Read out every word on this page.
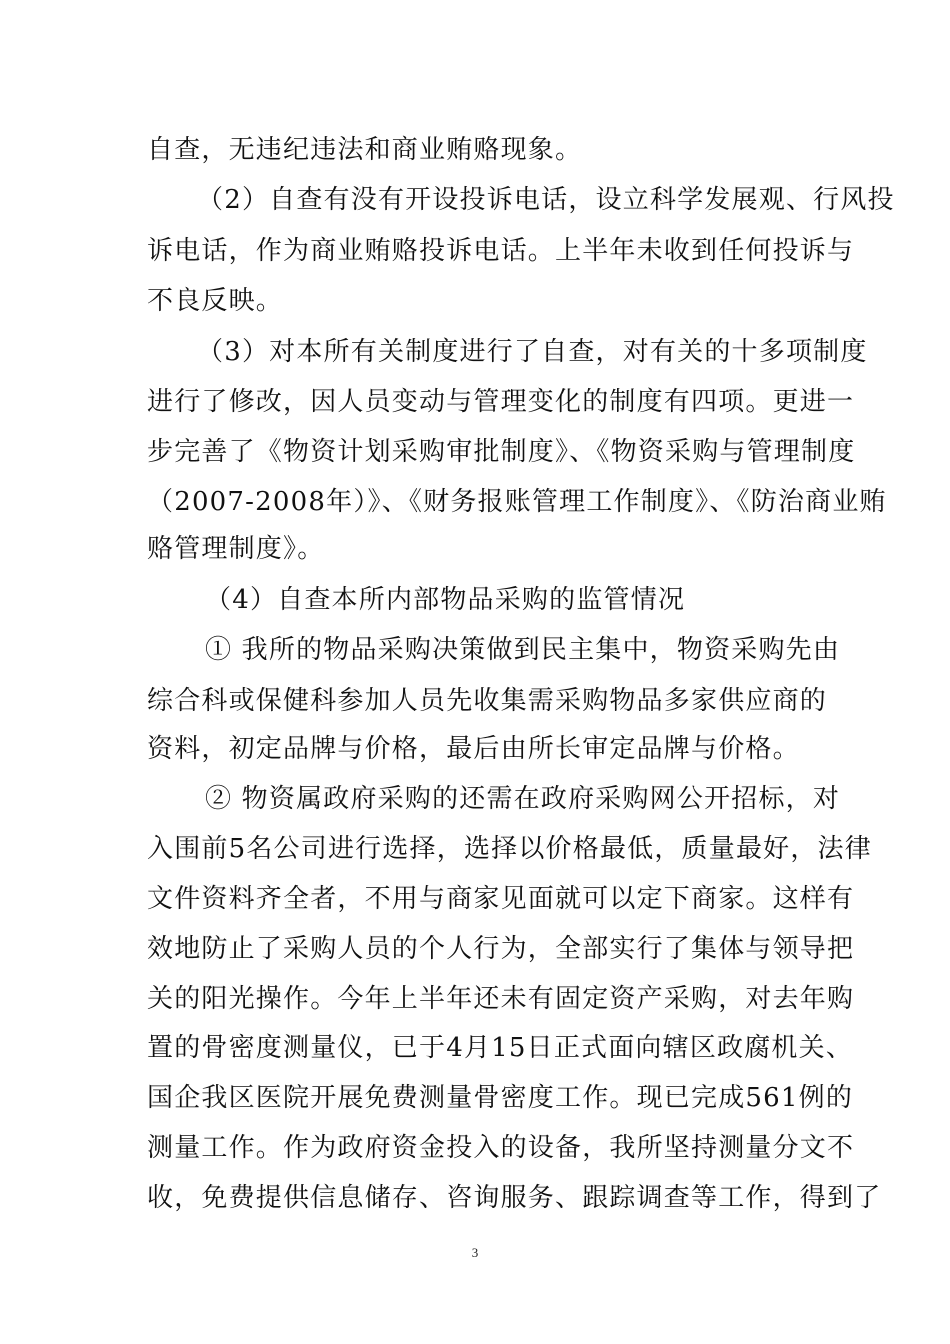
自查，无违纪违法和商业贿赂现象。
（2）自查有没有开设投诉电话，设立科学发展观、行风投
诉电话，作为商业贿赂投诉电话。上半年未收到任何投诉与
不良反映。
（3）对本所有关制度进行了自查，对有关的十多项制度
进行了修改，因人员变动与管理变化的制度有四项。更进一
步完善了《物资计划采购审批制度》、《物资采购与管理制度
（2007-2008年）》、《财务报账管理工作制度》、《防治商业贿
赂管理制度》。
（4）自查本所内部物品采购的监管情况
① 我所的物品采购决策做到民主集中，物资采购先由
综合科或保健科参加人员先收集需采购物品多家供应商的
资料，初定品牌与价格，最后由所长审定品牌与价格。
② 物资属政府采购的还需在政府采购网公开招标，对
入围前5名公司进行选择，选择以价格最低，质量最好，法律
文件资料齐全者，不用与商家见面就可以定下商家。这样有
效地防止了采购人员的个人行为，全部实行了集体与领导把
关的阳光操作。今年上半年还未有固定资产采购，对去年购
置的骨密度测量仪，已于4月15日正式面向辖区政腐机关、
国企我区医院开展免费测量骨密度工作。现已完成561例的
测量工作。作为政府资金投入的设备，我所坚持测量分文不
收，免费提供信息储存、咨询服务、跟踪调查等工作，得到了
3
